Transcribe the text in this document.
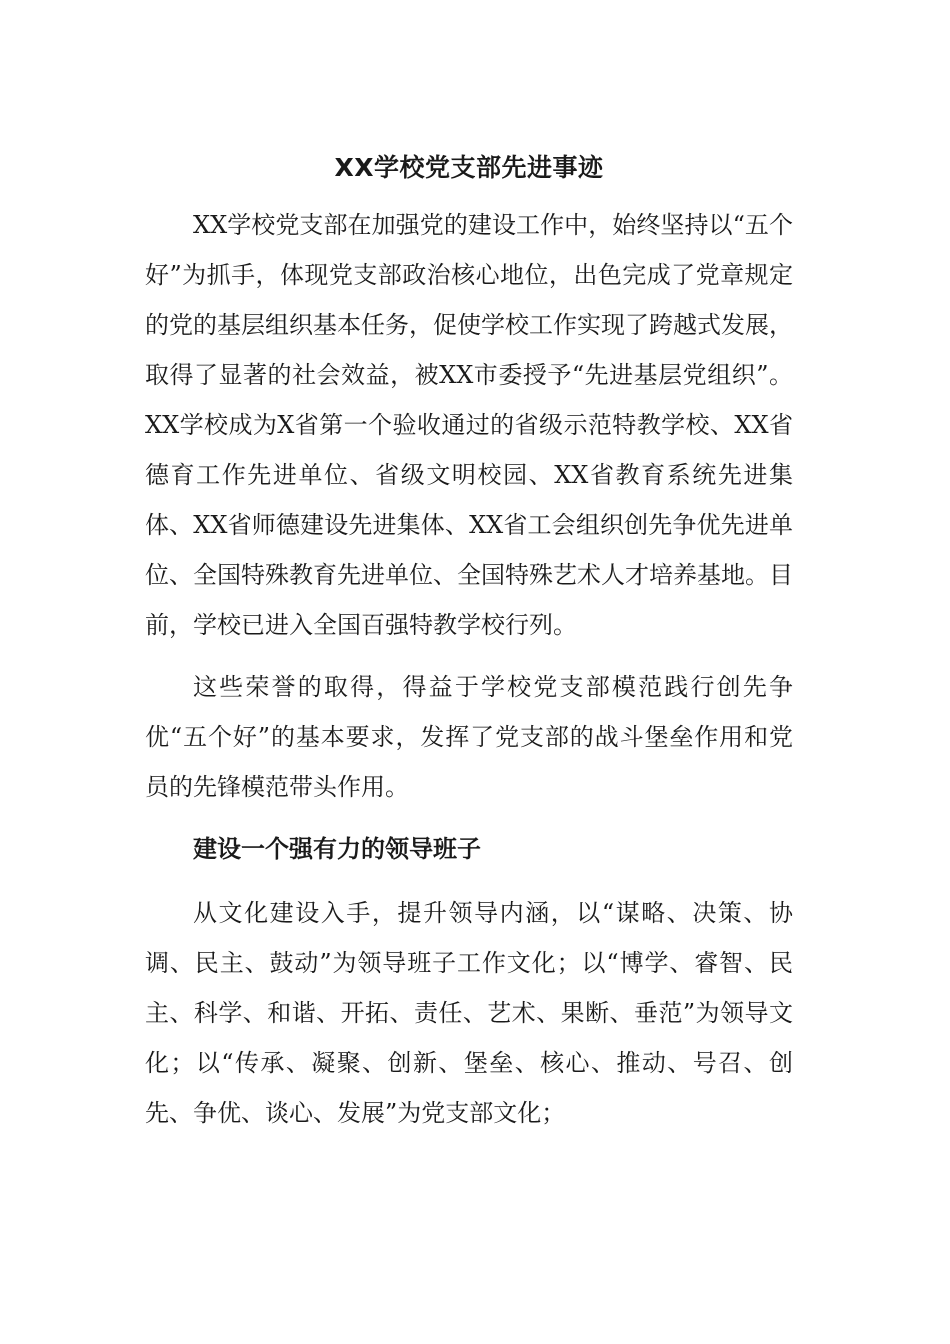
XX学校党支部先进事迹

XX学校党支部在加强党的建设工作中，始终坚持以“五个好”为抓手，体现党支部政治核心地位，出色完成了党章规定的党的基层组织基本任务，促使学校工作实现了跨越式发展，取得了显著的社会效益，被XX市委授予“先进基层党组织”。XX学校成为X省第一个验收通过的省级示范特教学校、XX省德育工作先进单位、省级文明校园、XX省教育系统先进集体、XX省师德建设先进集体、XX省工会组织创先争优先进单位、全国特殊教育先进单位、全国特殊艺术人才培养基地。目前，学校已进入全国百强特教学校行列。

这些荣誉的取得，得益于学校党支部模范践行创先争优“五个好”的基本要求，发挥了党支部的战斗堡垒作用和党员的先锋模范带头作用。

建设一个强有力的领导班子

从文化建设入手，提升领导内涵，以“谋略、决策、协调、民主、鼓动”为领导班子工作文化；以“博学、睿智、民主、科学、和谐、开拓、责任、艺术、果断、垂范”为领导文化；以“传承、凝聚、创新、堡垒、核心、推动、号召、创先、争优、谈心、发展”为党支部文化；
